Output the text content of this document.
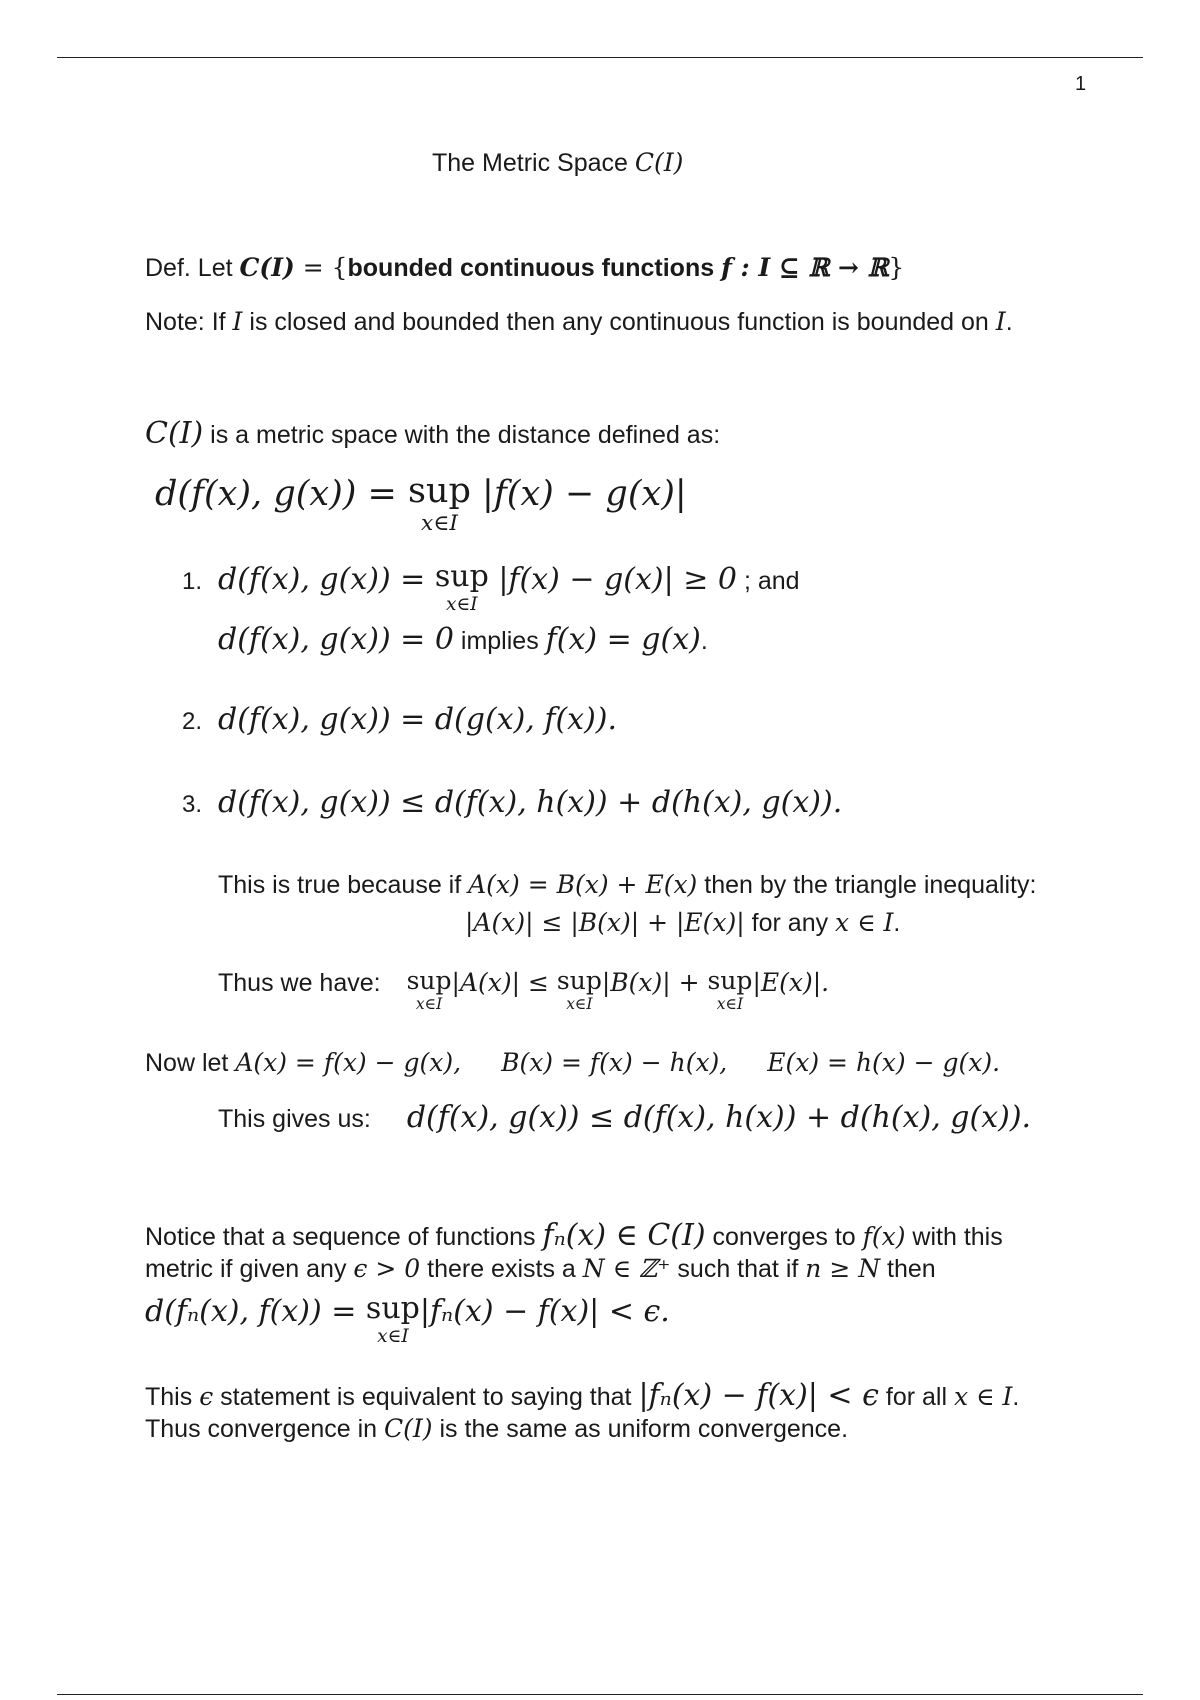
1
The Metric Space C(I)
Def. Let C(I) = {bounded continuous functions f : I ⊆ ℝ → ℝ}
Note: If I is closed and bounded then any continuous function is bounded on I.
C(I) is a metric space with the distance defined as:
d(f(x), g(x)) = sup
x∈I
|f(x) − g(x)|
1. d(f(x), g(x)) = sup
x∈I
|f(x) − g(x)| ≥ 0 ; and
d(f(x), g(x)) = 0 implies f(x) = g(x).
2. d(f(x), g(x)) = d(g(x), f(x)).
3. d(f(x), g(x)) ≤ d(f(x), h(x)) + d(h(x), g(x)).
This is true because if A(x) = B(x) + E(x) then by the triangle inequality:
|A(x)| ≤ |B(x)| + |E(x)| for any x ∈ I.
Thus we have: sup
x∈I
|A(x)| ≤ sup
x∈I
|B(x)| + sup
x∈I
|E(x)|.
Now let A(x) = f(x) − g(x), B(x) = f(x) − h(x), E(x) = h(x) − g(x).
This gives us: d(f(x), g(x)) ≤ d(f(x), h(x)) + d(h(x), g(x)).
Notice that a sequence of functions fₙ(x) ∈ C(I) converges to f(x) with this
metric if given any ϵ > 0 there exists a N ∈ ℤ⁺ such that if n ≥ N then
d(fₙ(x), f(x)) = sup
x∈I
|fₙ(x) − f(x)| < ϵ.
This ϵ statement is equivalent to saying that |fₙ(x) − f(x)| < ϵ for all x ∈ I.
Thus convergence in C(I) is the same as uniform convergence.
